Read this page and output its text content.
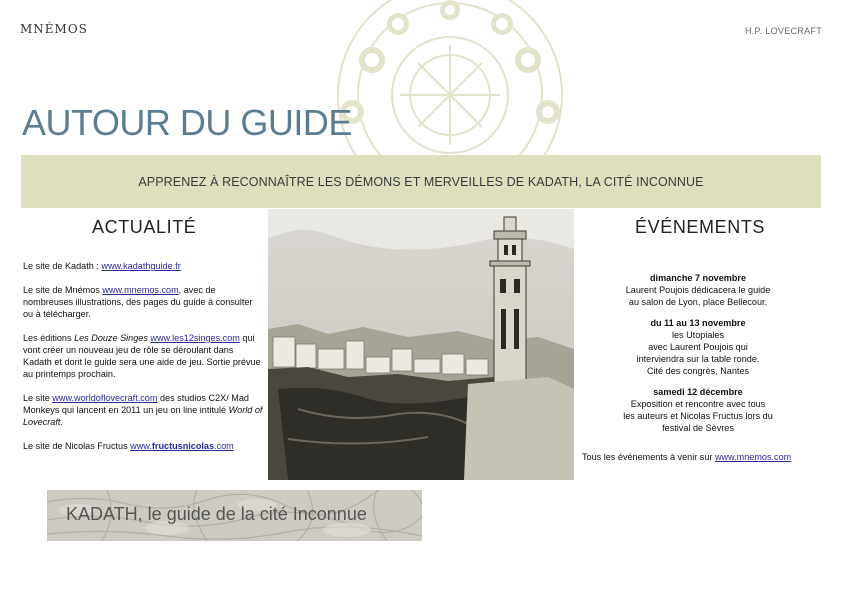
MNÉMOS	H.P. LOVECRAFT
AUTOUR DU GUIDE
APPRENEZ À RECONNAÎTRE LES DÉMONS ET MERVEILLES DE KADATH, LA CITÉ INCONNUE
ACTUALITÉ	ÉVÉNEMENTS

Le site de Kadath : www.kadathguide.fr

Le site de Mnémos www.mnemos.com, avec de nombreuses illustrations, des pages du guide à consulter ou à télécharger.

Les éditions Les Douze Singes www.les12singes.com qui vont créer un nouveau jeu de rôle se déroulant dans Kadath et dont le guide sera une aide de jeu. Sortie prévue au printemps prochain.

Le site www.worldoflovecraft.com des studios C2X/ Mad Monkeys qui lancent en 2011 un jeu on line intitulé World of Lovecraft.

Le site de Nicolas Fructus www.fructusnicolas.com

dimanche 7 novembre
Laurent Poujois dédicacera le guide
au salon de Lyon, place Bellecour.
du 11 au 13 novembre
les Utopiales
avec Laurent Poujois qui
interviendra sur la table ronde.
Cité des congrès, Nantes
samedi 12 décembre
Exposition et rencontre avec tous
les auteurs et Nicolas Fructus lors du
festival de Sèvres
Tous les événements à venir sur www.mnemos.com
KADATH, le guide de la cité Inconnue
